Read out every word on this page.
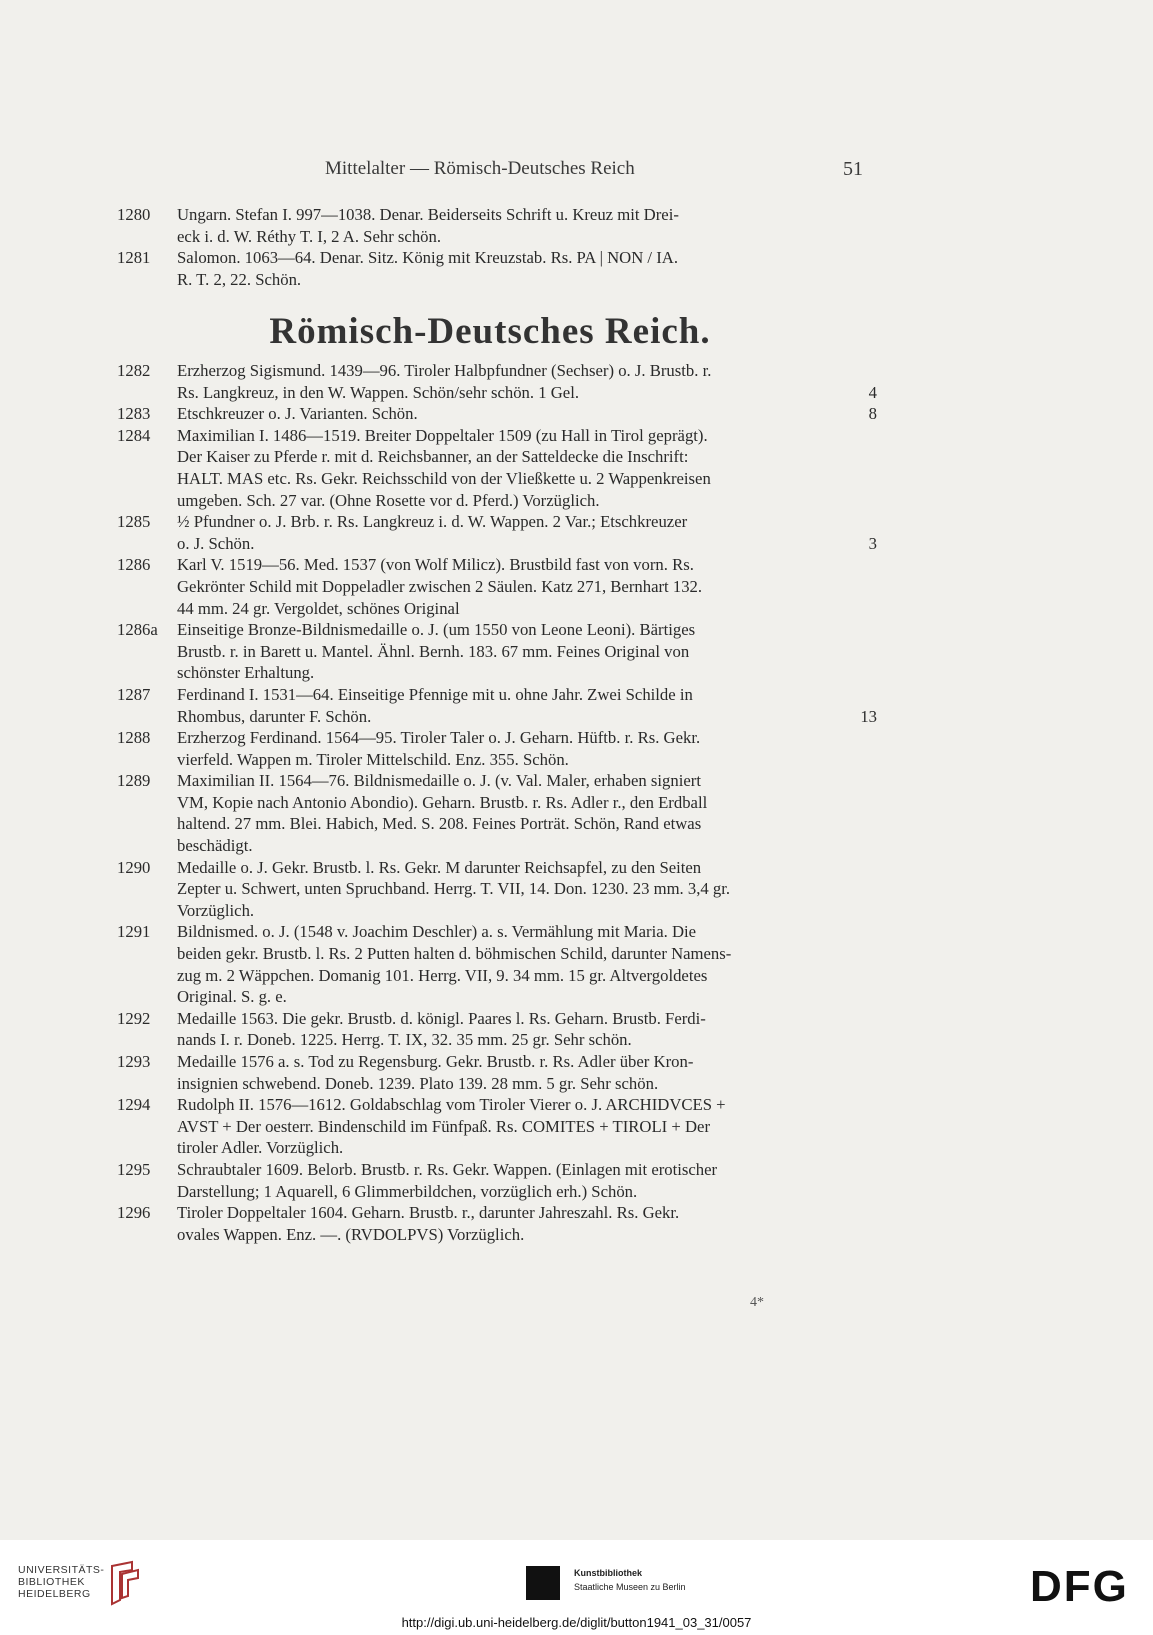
Mittelalter — Römisch-Deutsches Reich	51
1280	Ungarn. Stefan I. 997—1038. Denar. Beiderseits Schrift u. Kreuz mit Drei-
eck i. d. W. Réthy T. I, 2 A. Sehr schön.
1281	Salomon. 1063—64. Denar. Sitz. König mit Kreuzstab. Rs. PA | NON / IA.
R. T. 2, 22. Schön.
Römisch-Deutsches Reich.
1282	Erzherzog Sigismund. 1439—96. Tiroler Halbpfundner (Sechser) o. J. Brustb. r.
Rs. Langkreuz, in den W. Wappen. Schön/sehr schön. 1 Gel.	4
1283	Etschkreuzer o. J. Varianten. Schön.	8
1284	Maximilian I. 1486—1519. Breiter Doppeltaler 1509 (zu Hall in Tirol geprägt).
Der Kaiser zu Pferde r. mit d. Reichsbanner, an der Satteldecke die Inschrift:
HALT. MAS etc. Rs. Gekr. Reichsschild von der Vließkette u. 2 Wappenkreisen
umgeben. Sch. 27 var. (Ohne Rosette vor d. Pferd.) Vorzüglich.
1285	½ Pfundner o. J. Brb. r. Rs. Langkreuz i. d. W. Wappen. 2 Var.; Etschkreuzer
o. J. Schön.	3
1286	Karl V. 1519—56. Med. 1537 (von Wolf Milicz). Brustbild fast von vorn. Rs.
Gekrönter Schild mit Doppeladler zwischen 2 Säulen. Katz 271, Bernhart 132.
44 mm. 24 gr. Vergoldet, schönes Original
1286a	Einseitige Bronze-Bildnismedaille o. J. (um 1550 von Leone Leoni). Bärtiges
Brustb. r. in Barett u. Mantel. Ähnl. Bernh. 183. 67 mm. Feines Original von
schönster Erhaltung.
1287	Ferdinand I. 1531—64. Einseitige Pfennige mit u. ohne Jahr. Zwei Schilde in
Rhombus, darunter F. Schön.	13
1288	Erzherzog Ferdinand. 1564—95. Tiroler Taler o. J. Geharn. Hüftb. r. Rs. Gekr.
vierfeld. Wappen m. Tiroler Mittelschild. Enz. 355. Schön.
1289	Maximilian II. 1564—76. Bildnismedaille o. J. (v. Val. Maler, erhaben signiert
VM, Kopie nach Antonio Abondio). Geharn. Brustb. r. Rs. Adler r., den Erdball
haltend. 27 mm. Blei. Habich, Med. S. 208. Feines Porträt. Schön, Rand etwas
beschädigt.
1290	Medaille o. J. Gekr. Brustb. l. Rs. Gekr. M darunter Reichsapfel, zu den Seiten
Zepter u. Schwert, unten Spruchband. Herrg. T. VII, 14. Don. 1230. 23 mm. 3,4 gr.
Vorzüglich.
1291	Bildnismed. o. J. (1548 v. Joachim Deschler) a. s. Vermählung mit Maria. Die
beiden gekr. Brustb. l. Rs. 2 Putten halten d. böhmischen Schild, darunter Namens-
zug m. 2 Wäppchen. Domanig 101. Herrg. VII, 9. 34 mm. 15 gr. Altvergoldetes
Original. S. g. e.
1292	Medaille 1563. Die gekr. Brustb. d. königl. Paares l. Rs. Geharn. Brustb. Ferdi-
nands I. r. Doneb. 1225. Herrg. T. IX, 32. 35 mm. 25 gr. Sehr schön.
1293	Medaille 1576 a. s. Tod zu Regensburg. Gekr. Brustb. r. Rs. Adler über Kron-
insignien schwebend. Doneb. 1239. Plato 139. 28 mm. 5 gr. Sehr schön.
1294	Rudolph II. 1576—1612. Goldabschlag vom Tiroler Vierer o. J. ARCHIDVCES +
AVST + Der oesterr. Bindenschild im Fünfpaß. Rs. COMITES + TIROLI + Der
tiroler Adler. Vorzüglich.
1295	Schraubtaler 1609. Belorb. Brustb. r. Rs. Gekr. Wappen. (Einlagen mit erotischer
Darstellung; 1 Aquarell, 6 Glimmerbildchen, vorzüglich erh.) Schön.
1296	Tiroler Doppeltaler 1604. Geharn. Brustb. r., darunter Jahreszahl. Rs. Gekr.
ovales Wappen. Enz. —. (RVDOLPVS) Vorzüglich.
4*
UNIVERSITÄTS-
BIBLIOTHEK
HEIDELBERG
Kunstbibliothek
Staatliche Museen zu Berlin	DFG
http://digi.ub.uni-heidelberg.de/diglit/button1941_03_31/0057
